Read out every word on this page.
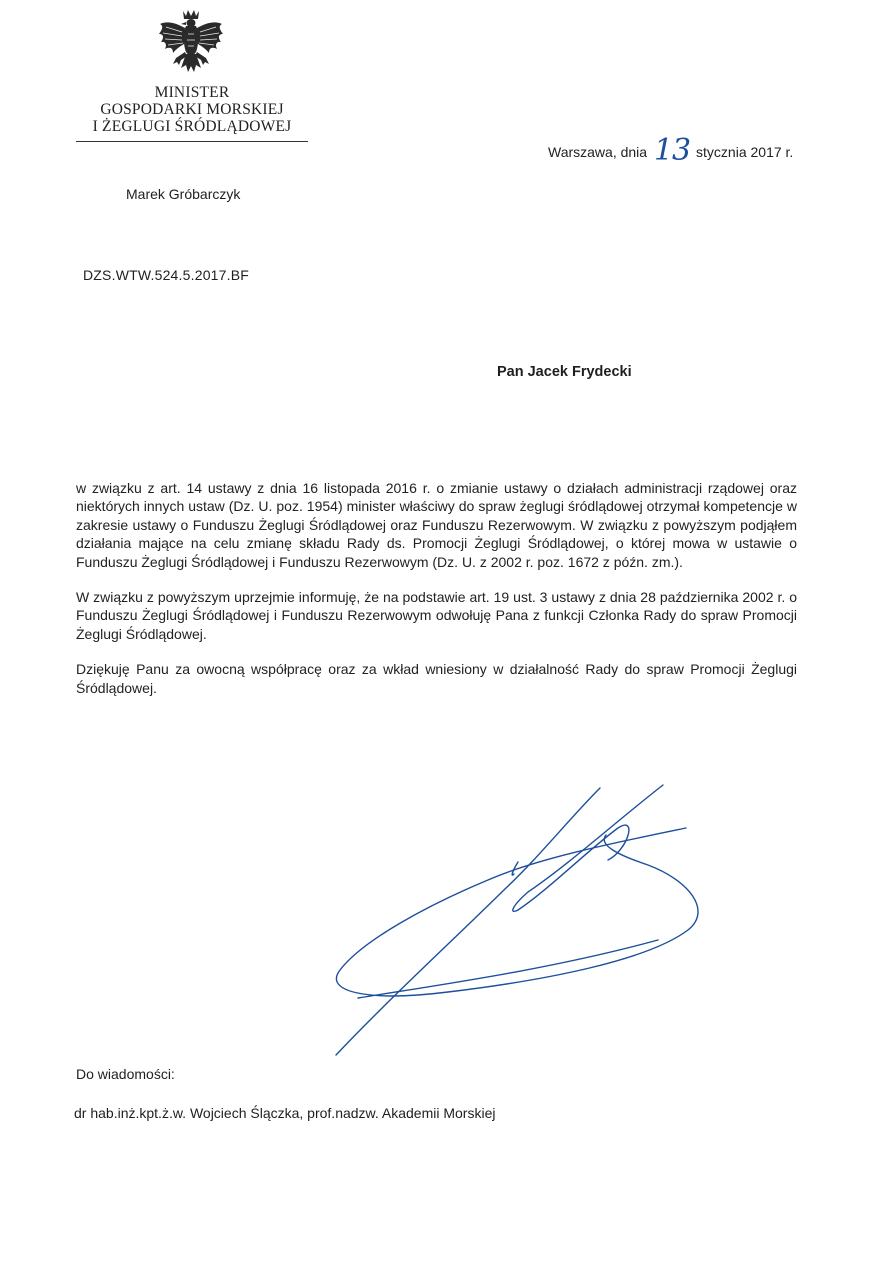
MINISTER
GOSPODARKI MORSKIEJ
I ŻEGLUGI ŚRÓDLĄDOWEJ
Warszawa, dnia 13 stycznia 2017 r.
Marek Gróbarczyk
DZS.WTW.524.5.2017.BF
Pan Jacek Frydecki

w związku z art. 14 ustawy z dnia 16 listopada 2016 r. o zmianie ustawy o działach administracji rządowej oraz niektórych innych ustaw (Dz. U. poz. 1954) minister właściwy do spraw żeglugi śródlądowej otrzymał kompetencje w zakresie ustawy o Funduszu Żeglugi Śródlądowej oraz Funduszu Rezerwowym. W związku z powyższym podjąłem działania mające na celu zmianę składu Rady ds. Promocji Żeglugi Śródlądowej, o której mowa w ustawie o Funduszu Żeglugi Śródlądowej i Funduszu Rezerwowym (Dz. U. z 2002 r. poz. 1672 z późn. zm.).

W związku z powyższym uprzejmie informuję, że na podstawie art. 19 ust. 3 ustawy z dnia 28 października 2002 r. o Funduszu Żeglugi Śródlądowej i Funduszu Rezerwowym odwołuję Pana z funkcji Członka Rady do spraw Promocji Żeglugi Śródlądowej.

Dziękuję Panu za owocną współpracę oraz za wkład wniesiony w działalność Rady do spraw Promocji Żeglugi Śródlądowej.

Do wiadomości:
dr hab.inż.kpt.ż.w. Wojciech Ślączka, prof.nadzw. Akademii Morskiej
